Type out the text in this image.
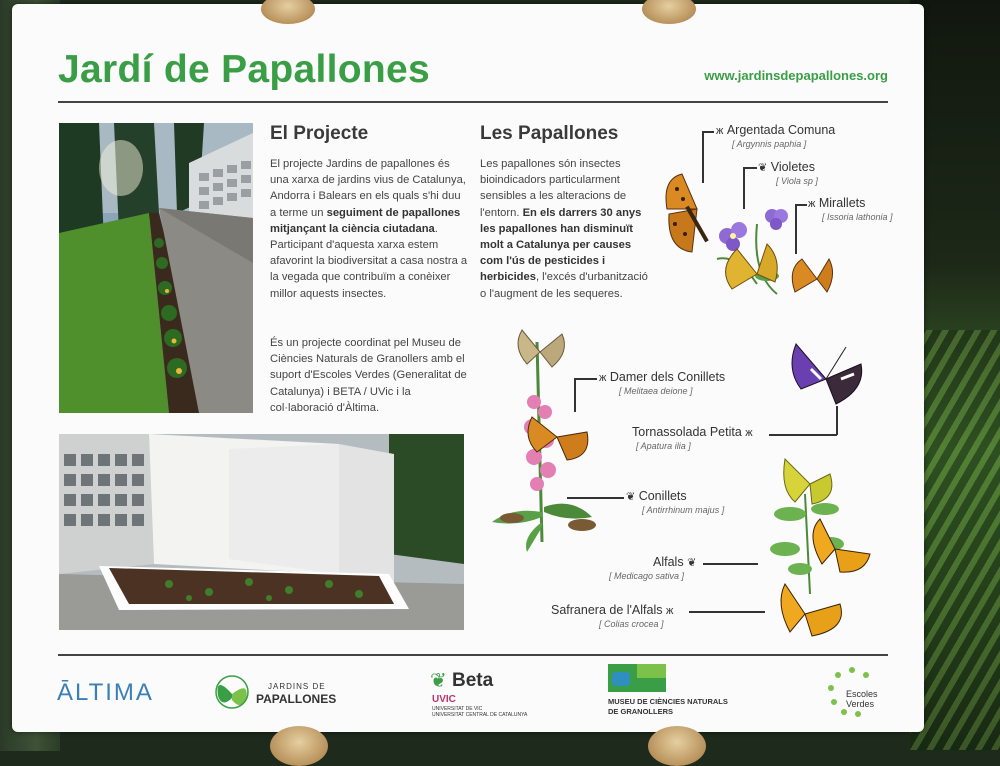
Jardí de Papallones	www.jardinsdepapallones.org
El Projecte

El projecte Jardins de papallones és una xarxa de jardins vius de Catalunya, Andorra i Balears en els quals s'hi duu a terme un seguiment de papallones mitjançant la ciència ciutadana. Participant d'aquesta xarxa estem afavorint la biodiversitat a casa nostra a la vegada que contribuïm a conèixer millor aquests insectes.

És un projecte coordinat pel Museu de Ciències Naturals de Granollers amb el suport d'Escoles Verdes (Generalitat de Catalunya) i BETA / UVic i la col·laboració d'Àltima.

Les Papallones

Les papallones són insectes bioindicadors particularment sensibles a les alteracions de l'entorn. En els darrers 30 anys les papallones han disminuït molt a Catalunya per causes com l'ús de pesticides i herbicides, l'excés d'urbanització o l'augment de les sequeres.

ж Argentada Comuna
[ Argynnis paphia ]
❦ Violetes
[ Viola sp ]
ж Mirallets
[ Issoria lathonia ]
ж Damer dels Conillets
[ Melitaea deione ]
Tornassolada Petita ж
[ Apatura ilia ]
❦ Conillets
[ Antirrhinum majus ]
Alfals ❦
[ Medicago sativa ]
Safranera de l'Alfals ж
[ Colias crocea ]
ĀLTIMA	JARDINS DE
PAPALLONES
❦ Beta
UVIC
UNIVERSITAT DE VIC
UNIVERSITAT CENTRAL DE CATALUNYA
MUSEU DE CIÈNCIES NATURALS
DE GRANOLLERS
Escoles
Verdes
